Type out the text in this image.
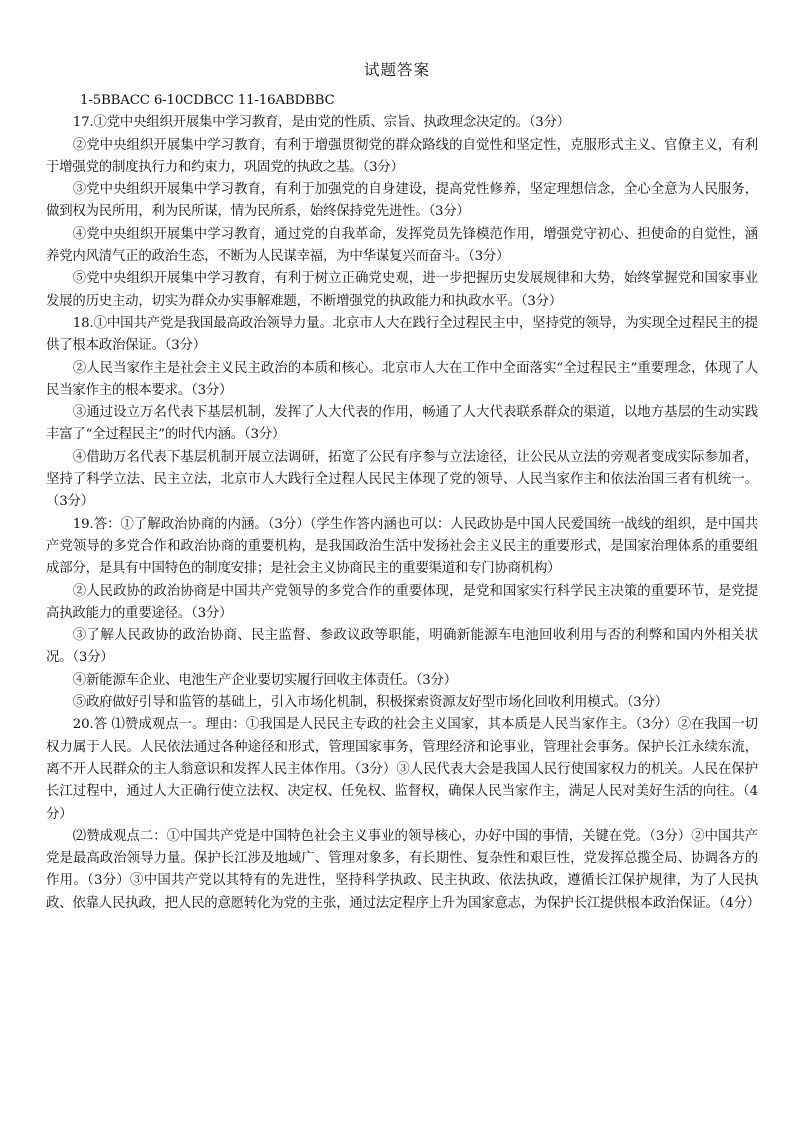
试题答案

1-5BBACC 6-10CDBCC 11-16ABDBBC

17.①党中央组织开展集中学习教育，是由党的性质、宗旨、执政理念决定的。（3分）

②党中央组织开展集中学习教育，有利于增强贯彻党的群众路线的自觉性和坚定性，克服形式主义、官僚主义，有利于增强党的制度执行力和约束力，巩固党的执政之基。（3分）

③党中央组织开展集中学习教育，有利于加强党的自身建设，提高党性修养，坚定理想信念，全心全意为人民服务，做到权为民所用，利为民所谋，情为民所系，始终保持党先进性。（3分）

④党中央组织开展集中学习教育，通过党的自我革命，发挥党员先锋模范作用，增强党守初心、担使命的自觉性，涵养党内风清气正的政治生态，不断为人民谋幸福，为中华谋复兴而奋斗。（3分）

⑤党中央组织开展集中学习教育，有利于树立正确党史观，进一步把握历史发展规律和大势，始终掌握党和国家事业发展的历史主动，切实为群众办实事解难题，不断增强党的执政能力和执政水平。（3分）

18.①中国共产党是我国最高政治领导力量。北京市人大在践行全过程民主中，坚持党的领导，为实现全过程民主的提供了根本政治保证。（3分）

②人民当家作主是社会主义民主政治的本质和核心。北京市人大在工作中全面落实“全过程民主”重要理念，体现了人民当家作主的根本要求。（3分）

③通过设立万名代表下基层机制，发挥了人大代表的作用，畅通了人大代表联系群众的渠道，以地方基层的生动实践丰富了“全过程民主”的时代内涵。（3分）

④借助万名代表下基层机制开展立法调研，拓宽了公民有序参与立法途径，让公民从立法的旁观者变成实际参加者，坚持了科学立法、民主立法，北京市人大践行全过程人民民主体现了党的领导、人民当家作主和依法治国三者有机统一。（3分）

19.答：①了解政治协商的内涵。（3分）（学生作答内涵也可以：人民政协是中国人民爱国统一战线的组织，是中国共产党领导的多党合作和政治协商的重要机构，是我国政治生活中发扬社会主义民主的重要形式，是国家治理体系的重要组成部分，是具有中国特色的制度安排；是社会主义协商民主的重要渠道和专门协商机构）

②人民政协的政治协商是中国共产党领导的多党合作的重要体现，是党和国家实行科学民主决策的重要环节，是党提高执政能力的重要途径。（3分）

③了解人民政协的政治协商、民主监督、参政议政等职能，明确新能源车电池回收利用与否的利弊和国内外相关状况。（3分）

④新能源车企业、电池生产企业要切实履行回收主体责任。（3分）

⑤政府做好引导和监管的基础上，引入市场化机制，积极探索资源友好型市场化回收利用模式。（3分）

20.答 ⑴赞成观点一。理由：①我国是人民民主专政的社会主义国家，其本质是人民当家作主。（3分）②在我国一切权力属于人民。人民依法通过各种途径和形式，管理国家事务，管理经济和论事业，管理社会事务。保护长江永续东流，离不开人民群众的主人翁意识和发挥人民主体作用。（3分）③人民代表大会是我国人民行使国家权力的机关。人民在保护长江过程中，通过人大正确行使立法权、决定权、任免权、监督权，确保人民当家作主，满足人民对美好生活的向往。（4分）

⑵赞成观点二：①中国共产党是中国特色社会主义事业的领导核心，办好中国的事情，关键在党。（3分）②中国共产党是最高政治领导力量。保护长江涉及地域广、管理对象多，有长期性、复杂性和艰巨性，党发挥总揽全局、协调各方的作用。（3分）③中国共产党以其特有的先进性，坚持科学执政、民主执政、依法执政，遵循长江保护规律，为了人民执政、依靠人民执政，把人民的意愿转化为党的主张，通过法定程序上升为国家意志，为保护长江提供根本政治保证。（4分）
